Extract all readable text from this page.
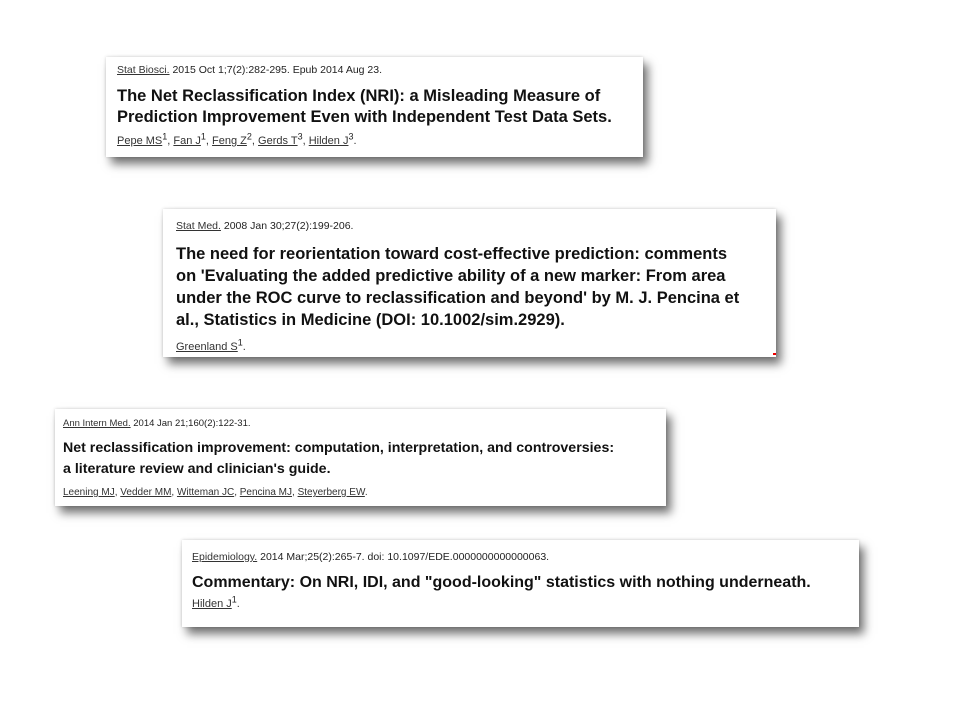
Stat Biosci. 2015 Oct 1;7(2):282-295. Epub 2014 Aug 23.
The Net Reclassification Index (NRI): a Misleading Measure of
Prediction Improvement Even with Independent Test Data Sets.
Pepe $MS^1$, Fan $J^1$, Feng $Z^2$, Gerds $T^3$, Hilden $J^3$.
Stat Med. 2008 Jan 30;27(2):199-206.
The need for reorientation toward cost-effective prediction: comments
on 'Evaluating the added predictive ability of a new marker: From area
under the ROC curve to reclassification and beyond' by M. J. Pencina et
al., Statistics in Medicine (DOI: 10.1002/sim.2929).
Greenland $S^1$.
Ann Intern Med. 2014 Jan 21;160(2):122-31.
Net reclassification improvement: computation, interpretation, and controversies:
a literature review and clinician's guide.
Leening MJ, Vedder MM, Witteman JC, Pencina MJ, Steyerberg EW.
Epidemiology. 2014 Mar;25(2):265-7. doi: 10.1097/EDE.0000000000000063.
Commentary: On NRI, IDI, and "good-looking" statistics with nothing underneath.
Hilden $J^1$.
